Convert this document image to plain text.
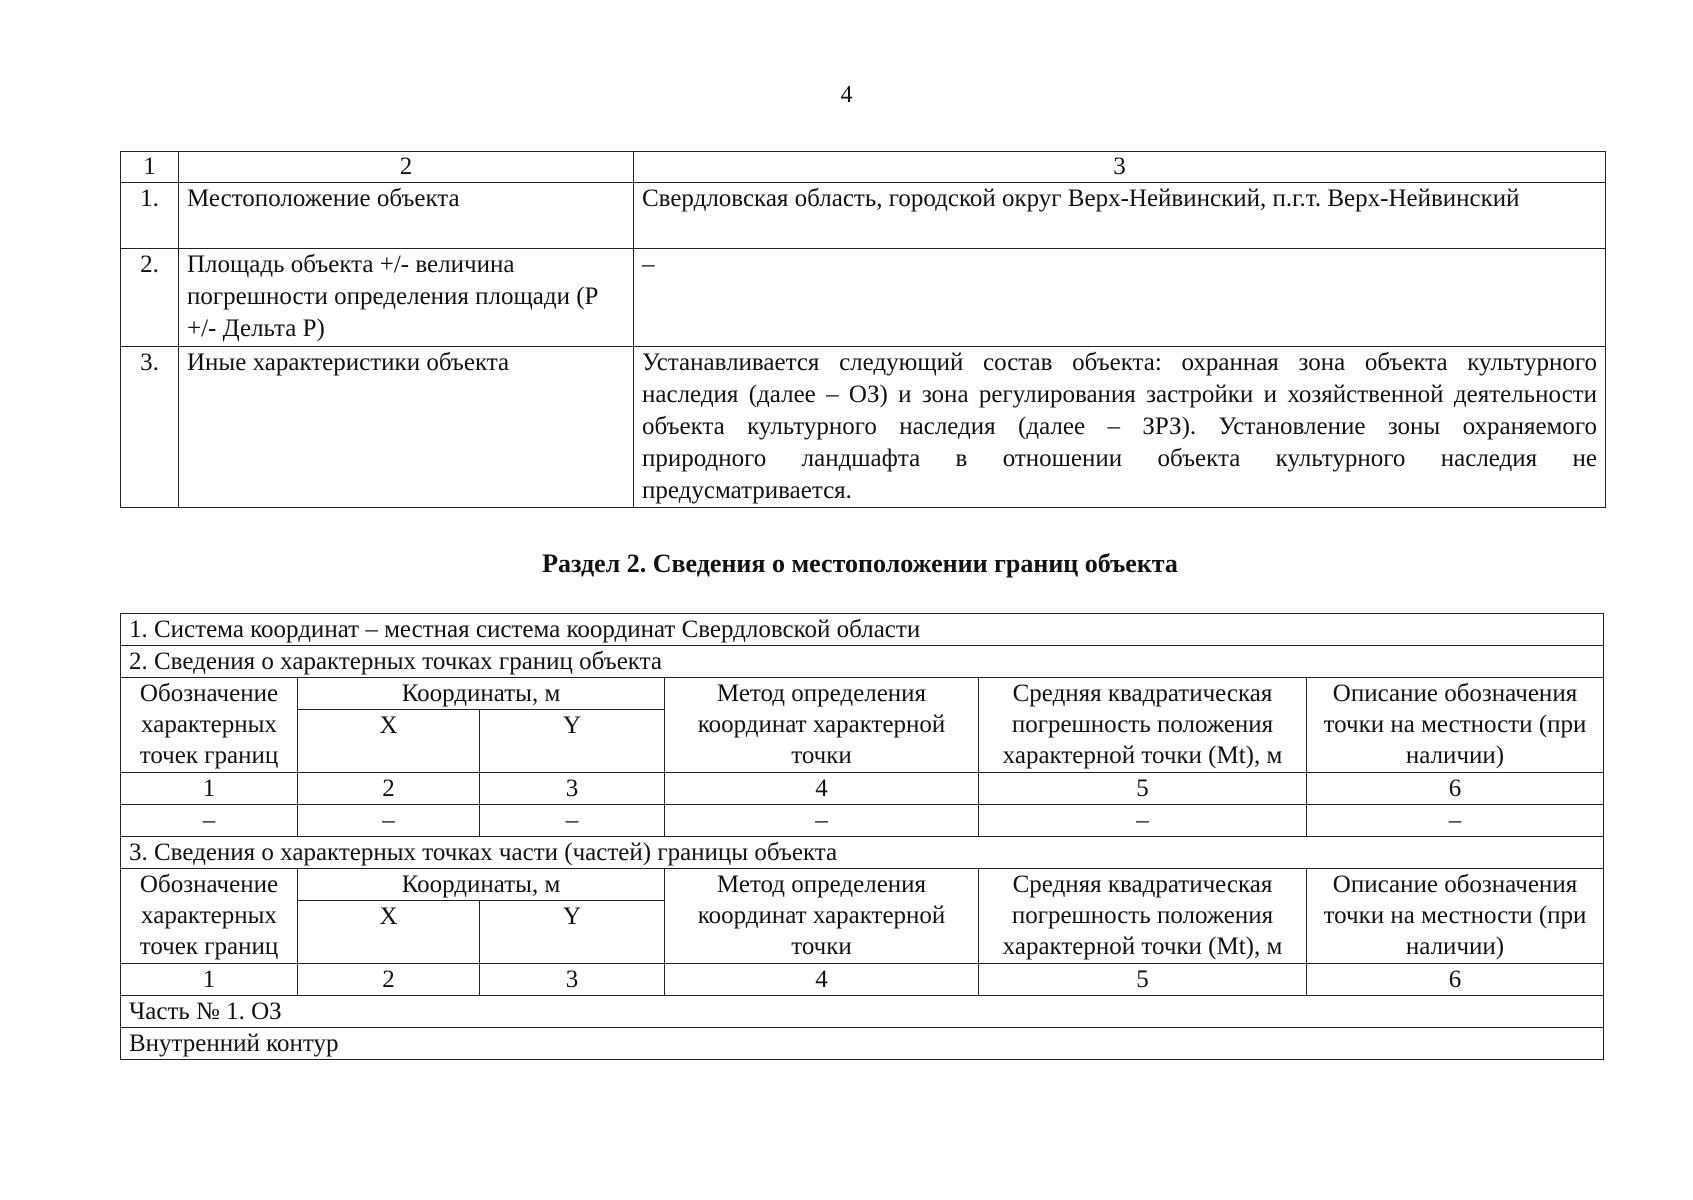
4
1	2	3
1.	Местоположение объекта	Свердловская область, городской округ Верх-Нейвинский, п.г.т. Верх-Нейвинский
2.	Площадь объекта +/- величина погрешности определения площади (P +/- Дельта P)	–
3.	Иные характеристики объекта	Устанавливается следующий состав объекта: охранная зона объекта культурного наследия (далее – ОЗ) и зона регулирования застройки и хозяйственной деятельности объекта культурного наследия (далее – ЗРЗ). Установление зоны охраняемого природного ландшафта в отношении объекта культурного наследия не предусматривается.
Раздел 2. Сведения о местоположении границ объекта
1. Система координат – местная система координат Свердловской области					
2. Сведения о характерных точках границ объекта					
Обозначение характерных точек границ	Координаты, м		Метод определения координат характерной точки	Средняя квадратическая погрешность положения характерной точки (Mt), м	Описание обозначения точки на местности (при наличии)
	X	Y			
1	2	3	4	5	6
–	–	–	–	–	–
3. Сведения о характерных точках части (частей) границы объекта					
Обозначение характерных точек границ	Координаты, м		Метод определения координат характерной точки	Средняя квадратическая погрешность положения характерной точки (Mt), м	Описание обозначения точки на местности (при наличии)
	X	Y			
1	2	3	4	5	6
Часть № 1. ОЗ					
Внутренний контур					
